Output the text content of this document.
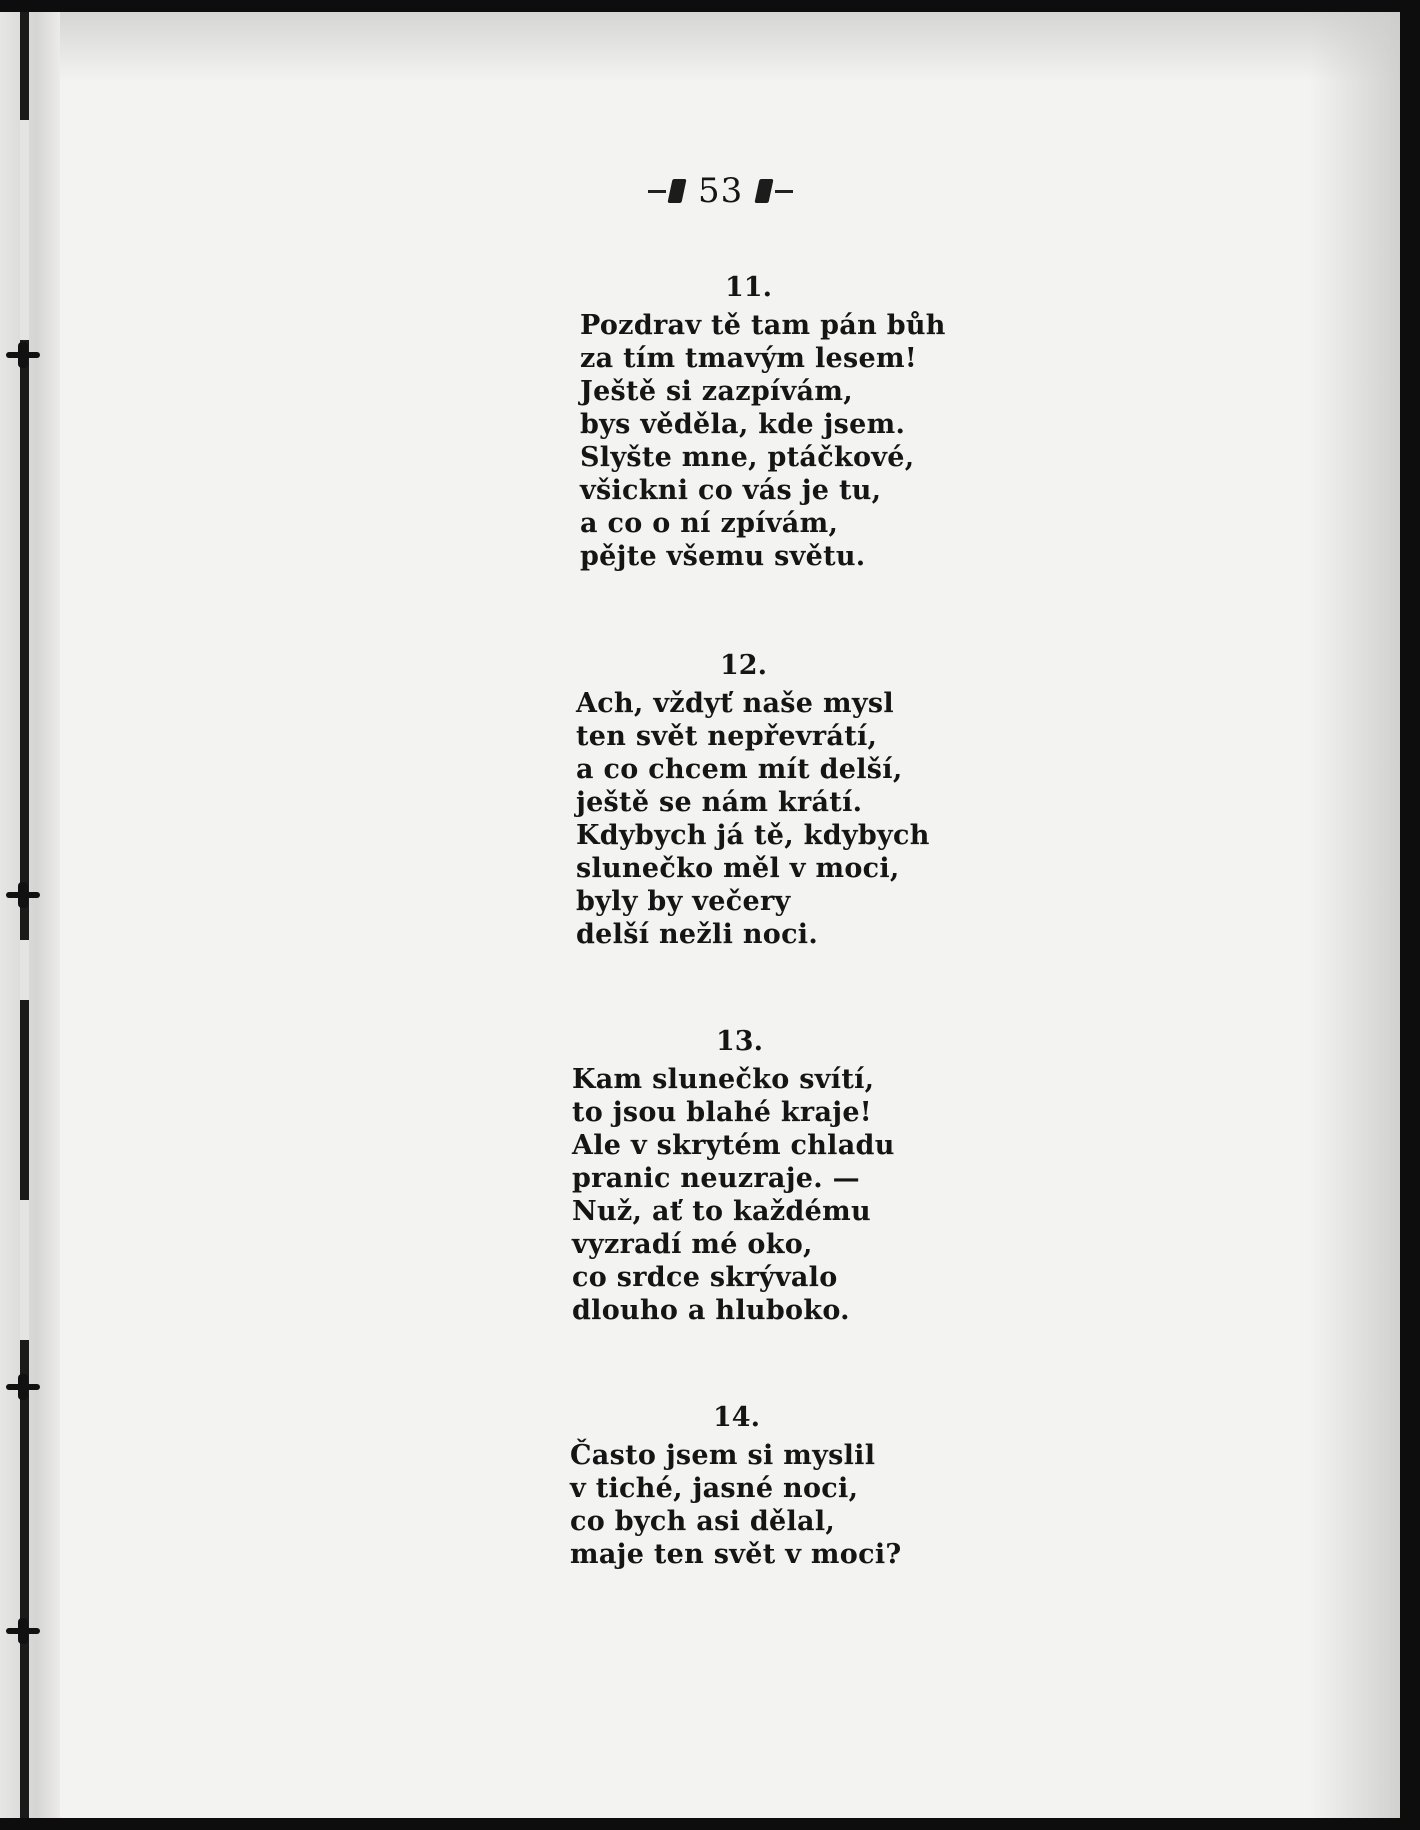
53
11.
Pozdrav tě tam pán bůh
za tím tmavým lesem!
Ještě si zazpívám,
bys věděla, kde jsem.
Slyšte mne, ptáčkové,
všickni co vás je tu,
a co o ní zpívám,
pějte všemu světu.
12.
Ach, vždyť naše mysl
ten svět nepřevrátí,
a co chcem mít delší,
ještě se nám krátí.
Kdybych já tě, kdybych
slunečko měl v moci,
byly by večery
delší nežli noci.
13.
Kam slunečko svítí,
to jsou blahé kraje!
Ale v skrytém chladu
pranic neuzraje. —
Nuž, ať to každému
vyzradí mé oko,
co srdce skrývalo
dlouho a hluboko.
14.
Často jsem si myslil
v tiché, jasné noci,
co bych asi dělal,
maje ten svět v moci?
